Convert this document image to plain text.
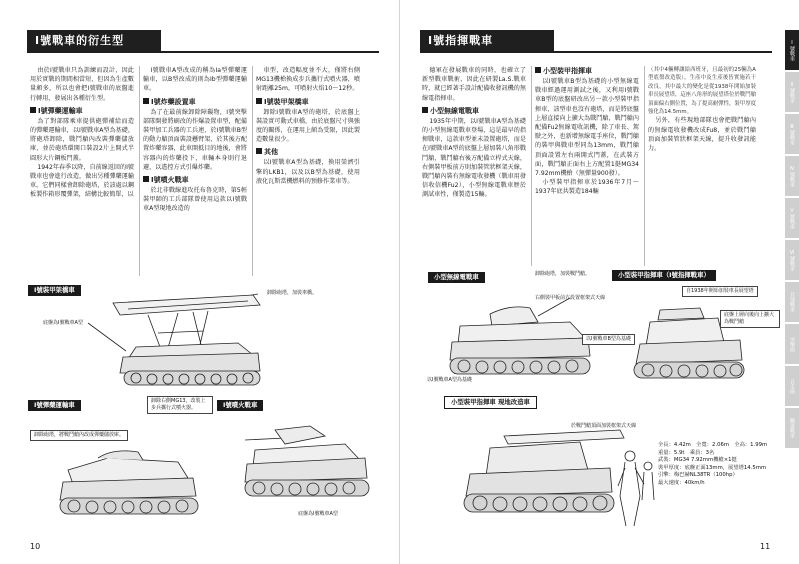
Ⅰ號戰車的衍生型

由於Ⅰ號戰車只為訓練而設計，因此用於實戰的期間相當短，但因為生產數量頗多，所以也會把Ⅰ號戰車的底盤進行轉用，發展出各種衍生型。

Ⅰ號彈藥運輸車

為了對部隊乘車提供砲彈補給而造的彈藥運輸車，以Ⅰ號戰車A型為基礎，將砲塔卸除，戰鬥艙內改裝彈藥儲放庫，並於砲塔環開口裝設2片上開式半圓形大片鋼板門蓋。

1942年春季以降，自前線返回的Ⅰ號戰車也會進行改造，做出另種彈藥運輸車。它們同樣會卸除砲塔，於該處以鋼板製作箱形覆彈架，結構比較簡單，以

Ⅰ號戰車A型改成的稱為Ia型彈藥運輸車，以B型改成的則為Ib型彈藥運輸車。

Ⅰ號炸藥設置車

為了在最前線卸除障礙物，Ⅰ號突擊部隊開發將刷改的作爆設置車型，配備裝甲加工兵器的工兵連，於Ⅰ號戰車B型的動力艙頂面裝設懸臂架，於其後方配置炸藥容器，此車開抵目的地後，會將容器內的炸藥投下，車輛本身則行退避，以遙控方式引爆炸藥。

Ⅰ號噴火戰車

於北非戰線進攻托布魯克時，第5輕裝甲師的工兵部隊曾使用這款以Ⅰ號戰車A型現地改造的

車型，改造幅度並不大，僅將右側MG13機槍換成步兵攜行式噴火器，噴射距離25m，可噴射火焰10～12秒。

Ⅰ號裝甲架橋車

卸除Ⅰ號戰車A型的砲塔，於底盤上裝設實可動式車橋，由於底盤尺寸與強度的關係，在運用上頗為受限，因此製造數量很少。

其他

以Ⅰ號戰車A型為基礎，換用榮濟引擎的LKB1，以及以B型為基礎，使用液化瓦斯當機燃料的預修作業車等。

Ⅰ號裝甲架橋車	卸除砲塔，加裝車橋。
底盤為Ⅰ號戰車A型
Ⅰ號彈藥運輸車
卸除砲塔，將戰鬥艙內改成彈藥儲放庫。
Ⅰ號噴火戰車
卸除右側MG13，改裝上步兵攜行式噴火器。
底盤為Ⅰ號戰車A型
10
Ⅰ號指揮戰車

德軍在發展戰車的同時，也確立了新型戰車戰術，因此在研製La.S.戰車時，就已經著手設計配備收發訊機的無線電指揮車。

小型無線電戰車

1935年中期，以Ⅰ號戰車A型為基礎的小型無線電戰車登場，這是最早的指揮戰車，這款車型並未設置砲塔，而是在Ⅰ號戰車A型的底盤上層加裝八角形戰鬥艙，戰鬥艙右後方配備立桿式天線，右側裝甲板前方則加裝管狀框架天線，戰鬥艙內裝有無線電收發機（戰車用發信收信機Fu2），小型無線電戰車歷於測試車性，僅製造15輛。

小型裝甲指揮車

以Ⅰ號戰車B型為基礎的小型無線電戰車經過運用測試之後，又利用Ⅰ號戰車B型的底盤研改出另一款小型裝甲指揮車，該型車也沒有砲塔，而是將底盤上層直接向上擴大為戰鬥艙，戰鬥艙內配備Fu2無線電收訊機，除了車長、駕駛之外，也新增無線電手座位，戰鬥艙的裝甲與戰車型同為13mm，戰鬥艙頂面設置左右兩開式門蓋，在武裝方面，戰鬥艙正面右上方配置1挺MG34 7.92mm機槍（無彈量900發）。

小型裝甲指揮車於1936年7月～1937年底共製造184輛

（其中4輛轉讓給西班牙，且最初的25輛為A型底盤改造版），生產中及生產後皆實施若干改良，其中最大的變化是從1938年開始加裝車長展望塔，這座八角形的展望塔位於戰鬥艙頂面偏右側位置，為了提高耐彈性，裝甲厚度強化為14.5mm。

另外，有些現地部隊也會把戰鬥艙內的無線電收發機改成Fu8，並於戰鬥艙頂面加裝管狀框架天線，提升收發訊能力。

小型無線電戰車	卸除砲塔，加裝戰鬥艙。
右側裝甲板前方設置框架式天線
以Ⅰ號戰車A型為基礎
小型裝甲指揮車（Ⅰ號指揮戰車）
自1938年開始加裝車長展望塔
底盤上層向後向上擴大為戰鬥艙
以Ⅰ號戰車B型為基礎
小型裝甲指揮車 現地改造車
於戰鬥艙頂面加裝框架式天線
全長：4.42m　全寬：2.06m　全高：1.99m
重量：5.9t　乘員：3名
武裝：MG34 7.92mm機槍×1挺
裝甲厚度：底盤正面13mm，展望塔14.5mm
引擎：梅巴赫NL38TR（100hp）
最大速度：40km/h
11
Ⅰ號戰車
Ⅱ號戰車
Ⅲ號戰車
Ⅳ號戰車
Ⅴ號戰車
Ⅵ號戰車
其他戰車
突擊砲
自走砲
驅逐戰車
